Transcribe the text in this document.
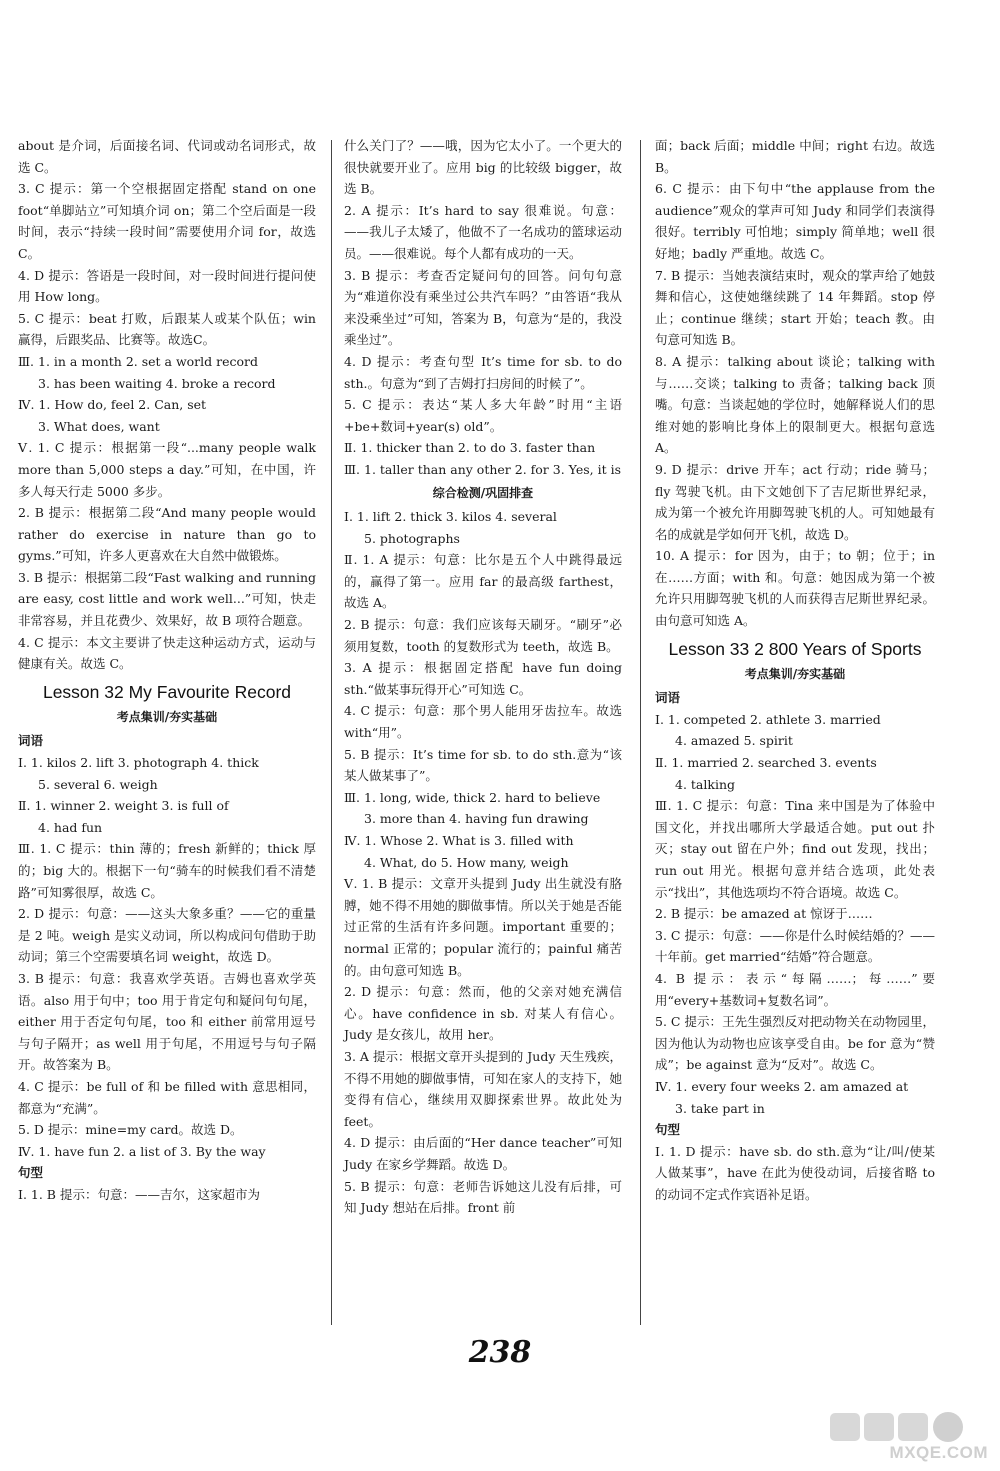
about 是介词，后面接名词、代词或动名词形式，故选 C。

3. C 提示：第一个空根据固定搭配 stand on one foot“单脚站立”可知填介词 on；第二个空后面是一段时间，表示“持续一段时间”需要使用介词 for，故选 C。

4. D 提示：答语是一段时间，对一段时间进行提问使用 How long。

5. C 提示：beat 打败，后跟某人或某个队伍；win 赢得，后跟奖品、比赛等。故选C。

Ⅲ. 1. in a month 2. set a world record

3. has been waiting 4. broke a record

Ⅳ. 1. How do, feel 2. Can, set

3. What does, want

Ⅴ. 1. C 提示：根据第一段“...many people walk more than 5,000 steps a day.”可知，在中国，许多人每天行走 5000 多步。

2. B 提示：根据第二段“And many people would rather do exercise in nature than go to gyms.”可知，许多人更喜欢在大自然中做锻炼。

3. B 提示：根据第二段“Fast walking and running are easy, cost little and work well...”可知，快走非常容易，并且花费少、效果好，故 B 项符合题意。

4. C 提示：本文主要讲了快走这种运动方式，运动与健康有关。故选 C。

Lesson 32 My Favourite Record
考点集训/夯实基础
词语

Ⅰ. 1. kilos 2. lift 3. photograph 4. thick

5. several 6. weigh

Ⅱ. 1. winner 2. weight 3. is full of

4. had fun

Ⅲ. 1. C 提示：thin 薄的；fresh 新鲜的；thick 厚的；big 大的。根据下一句“骑车的时候我们看不清楚路”可知雾很厚，故选 C。

2. D 提示：句意：——这头大象多重？——它的重量是 2 吨。weigh 是实义动词，所以构成问句借助于助动词；第三个空需要填名词 weight，故选 D。

3. B 提示：句意：我喜欢学英语。吉姆也喜欢学英语。also 用于句中；too 用于肯定句和疑问句句尾，either 用于否定句句尾，too 和 either 前常用逗号与句子隔开；as well 用于句尾，不用逗号与句子隔开。故答案为 B。

4. C 提示：be full of 和 be filled with 意思相同，都意为“充满”。

5. D 提示：mine=my card。故选 D。

Ⅳ. 1. have fun 2. a list of 3. By the way

句型

Ⅰ. 1. B 提示：句意：——吉尔，这家超市为

什么关门了？——哦，因为它太小了。一个更大的很快就要开业了。应用 big 的比较级 bigger，故选 B。

2. A 提示：It’s hard to say 很难说。句意：——我儿子太矮了，他做不了一名成功的篮球运动员。——很难说。每个人都有成功的一天。

3. B 提示：考查否定疑问句的回答。问句句意为“难道你没有乘坐过公共汽车吗？”由答语“我从来没乘坐过”可知，答案为 B，句意为“是的，我没乘坐过”。

4. D 提示：考查句型 It’s time for sb. to do sth.。句意为“到了吉姆打扫房间的时候了”。

5. C 提示：表达“某人多大年龄”时用“主语+be+数词+year(s) old”。

Ⅱ. 1. thicker than 2. to do 3. faster than

Ⅲ. 1. taller than any other 2. for 3. Yes, it is

综合检测/巩固排查

Ⅰ. 1. lift 2. thick 3. kilos 4. several

5. photographs

Ⅱ. 1. A 提示：句意：比尔是五个人中跳得最远的，赢得了第一。应用 far 的最高级 farthest，故选 A。

2. B 提示：句意：我们应该每天刷牙。“刷牙”必须用复数，tooth 的复数形式为 teeth，故选 B。

3. A 提示：根据固定搭配 have fun doing sth.“做某事玩得开心”可知选 C。

4. C 提示：句意：那个男人能用牙齿拉车。故选 with“用”。

5. B 提示：It’s time for sb. to do sth.意为“该某人做某事了”。

Ⅲ. 1. long, wide, thick 2. hard to believe

3. more than 4. having fun drawing

Ⅳ. 1. Whose 2. What is 3. filled with

4. What, do 5. How many, weigh

Ⅴ. 1. B 提示：文章开头提到 Judy 出生就没有胳膊，她不得不用她的脚做事情。所以关于她是否能过正常的生活有许多问题。important 重要的；normal 正常的；popular 流行的；painful 痛苦的。由句意可知选 B。

2. D 提示：句意：然而，他的父亲对她充满信心。have confidence in sb. 对某人有信心。Judy 是女孩儿，故用 her。

3. A 提示：根据文章开头提到的 Judy 天生残疾，不得不用她的脚做事情，可知在家人的支持下，她变得有信心，继续用双脚探索世界。故此处为 feet。

4. D 提示：由后面的“Her dance teacher”可知Judy 在家乡学舞蹈。故选 D。

5. B 提示：句意：老师告诉她这儿没有后排，可知 Judy 想站在后排。front 前

面；back 后面；middle 中间；right 右边。故选 B。

6. C 提示：由下句中“the applause from the audience”观众的掌声可知 Judy 和同学们表演得很好。terribly 可怕地；simply 简单地；well 很好地；badly 严重地。故选 C。

7. B 提示：当她表演结束时，观众的掌声给了她鼓舞和信心，这使她继续跳了 14 年舞蹈。stop 停止；continue 继续；start 开始；teach 教。由句意可知选 B。

8. A 提示：talking about 谈论；talking with 与……交谈；talking to 责备；talking back 顶嘴。句意：当谈起她的学位时，她解释说人们的思维对她的影响比身体上的限制更大。根据句意选 A。

9. D 提示：drive 开车；act 行动；ride 骑马；fly 驾驶飞机。由下文她创下了吉尼斯世界纪录，成为第一个被允许用脚驾驶飞机的人。可知她最有名的成就是学如何开飞机，故选 D。

10. A 提示：for 因为，由于；to 朝；位于；in 在……方面；with 和。句意：她因成为第一个被允许只用脚驾驶飞机的人而获得吉尼斯世界纪录。由句意可知选 A。

Lesson 33 2 800 Years of Sports
考点集训/夯实基础
词语

Ⅰ. 1. competed 2. athlete 3. married

4. amazed 5. spirit

Ⅱ. 1. married 2. searched 3. events

4. talking

Ⅲ. 1. C 提示：句意：Tina 来中国是为了体验中国文化，并找出哪所大学最适合她。put out 扑灭；stay out 留在户外；find out 发现，找出；run out 用光。根据句意并结合选项，此处表示“找出”，其他选项均不符合语境。故选 C。

2. B 提示：be amazed at 惊讶于……

3. C 提示：句意：——你是什么时候结婚的？——十年前。get married“结婚”符合题意。

4. B 提示：表示“每隔……；每……”要用“every+基数词+复数名词”。

5. C 提示：王先生强烈反对把动物关在动物园里，因为他认为动物也应该享受自由。be for 意为“赞成”；be against 意为“反对”。故选 C。

Ⅳ. 1. every four weeks 2. am amazed at

3. take part in

句型

Ⅰ. 1. D 提示：have sb. do sth.意为“让/叫/使某人做某事”，have 在此为使役动词，后接省略 to 的动词不定式作宾语补足语。

238
MXQE.COM
